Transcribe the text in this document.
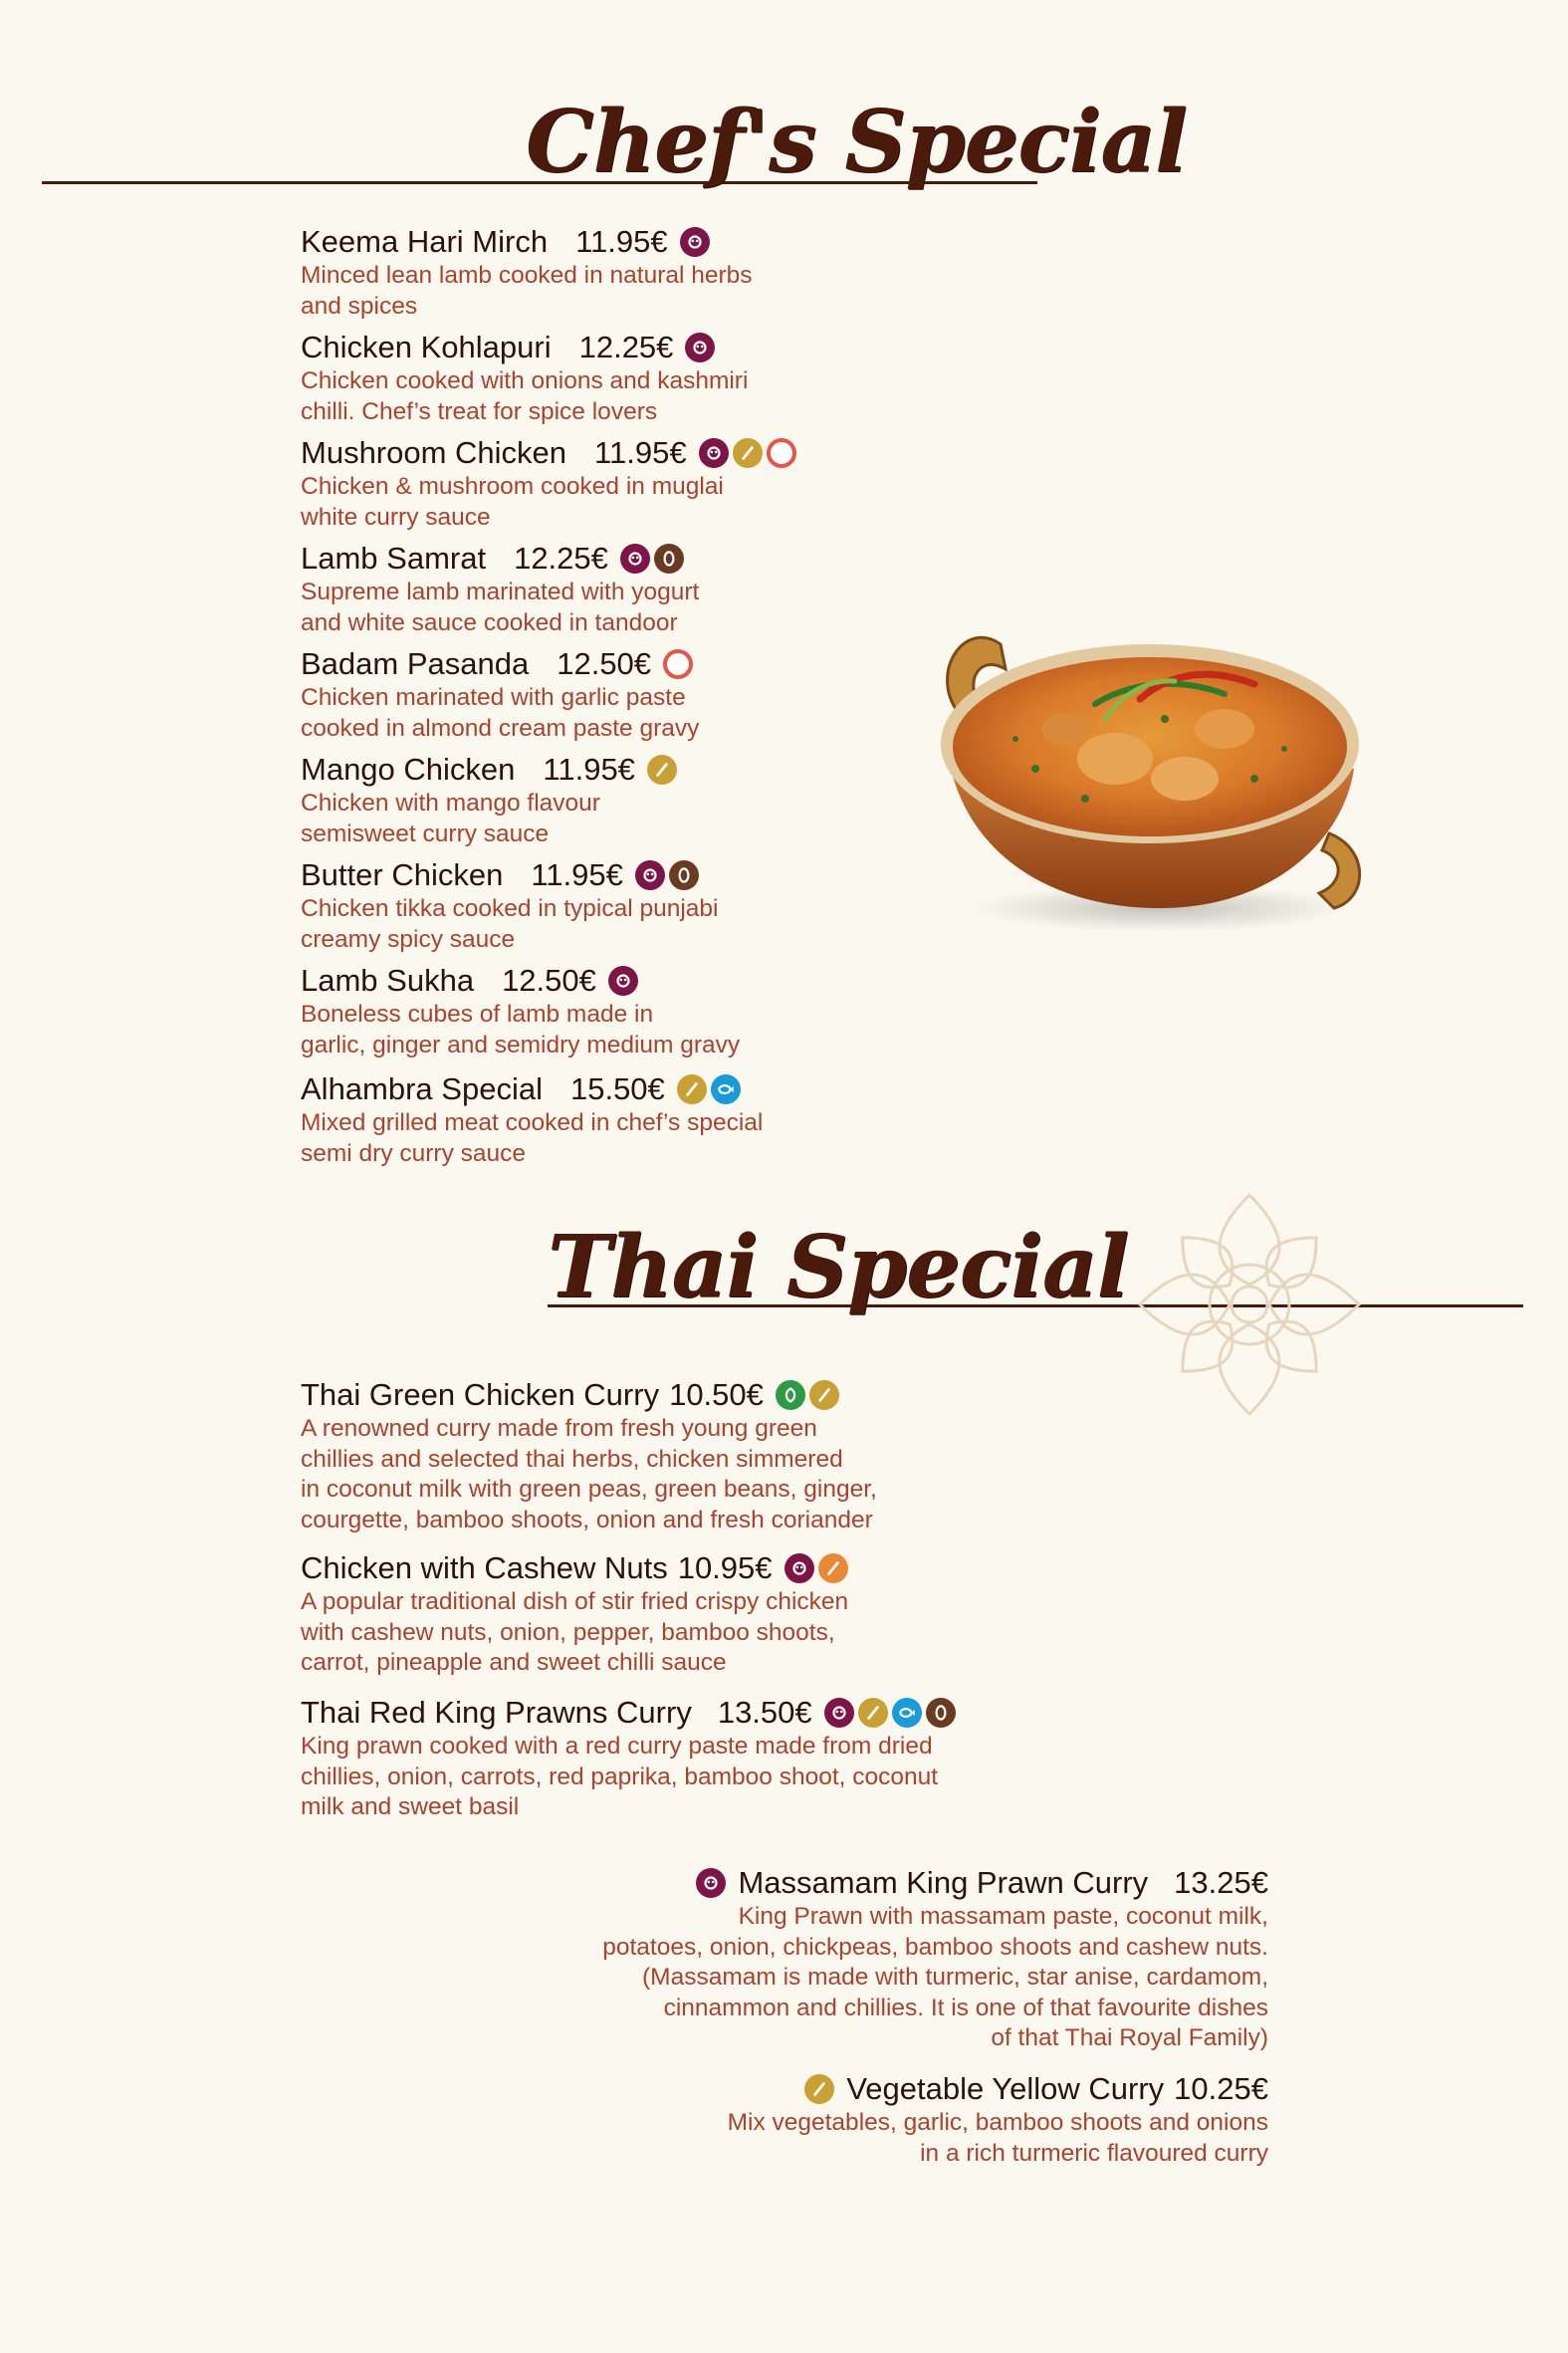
Chef's Special
Keema Hari Mirch 11.95€
Minced lean lamb cooked in natural herbs
and spices
Chicken Kohlapuri 12.25€
Chicken cooked with onions and kashmiri
chilli. Chef’s treat for spice lovers
Mushroom Chicken 11.95€
Chicken & mushroom cooked in muglai
white curry sauce
Lamb Samrat 12.25€
Supreme lamb marinated with yogurt
and white sauce cooked in tandoor
Badam Pasanda 12.50€
Chicken marinated with garlic paste
cooked in almond cream paste gravy
Mango Chicken 11.95€
Chicken with mango flavour
semisweet curry sauce
Butter Chicken 11.95€
Chicken tikka cooked in typical punjabi
creamy spicy sauce
Lamb Sukha 12.50€
Boneless cubes of lamb made in
garlic, ginger and semidry medium gravy
Alhambra Special 15.50€
Mixed grilled meat cooked in chef’s special
semi dry curry sauce
Thai Special
Thai Green Chicken Curry 10.50€
A renowned curry made from fresh young green
chillies and selected thai herbs, chicken simmered
in coconut milk with green peas, green beans, ginger,
courgette, bamboo shoots, onion and fresh coriander
Chicken with Cashew Nuts 10.95€
A popular traditional dish of stir fried crispy chicken
with cashew nuts, onion, pepper, bamboo shoots,
carrot, pineapple and sweet chilli sauce
Thai Red King Prawns Curry 13.50€
King prawn cooked with a red curry paste made from dried
chillies, onion, carrots, red paprika, bamboo shoot, coconut
milk and sweet basil
Massamam King Prawn Curry 13.25€
King Prawn with massamam paste, coconut milk,
potatoes, onion, chickpeas, bamboo shoots and cashew nuts.
(Massamam is made with turmeric, star anise, cardamom,
cinnammon and chillies. It is one of that favourite dishes
of that Thai Royal Family)
Vegetable Yellow Curry 10.25€
Mix vegetables, garlic, bamboo shoots and onions
in a rich turmeric flavoured curry
